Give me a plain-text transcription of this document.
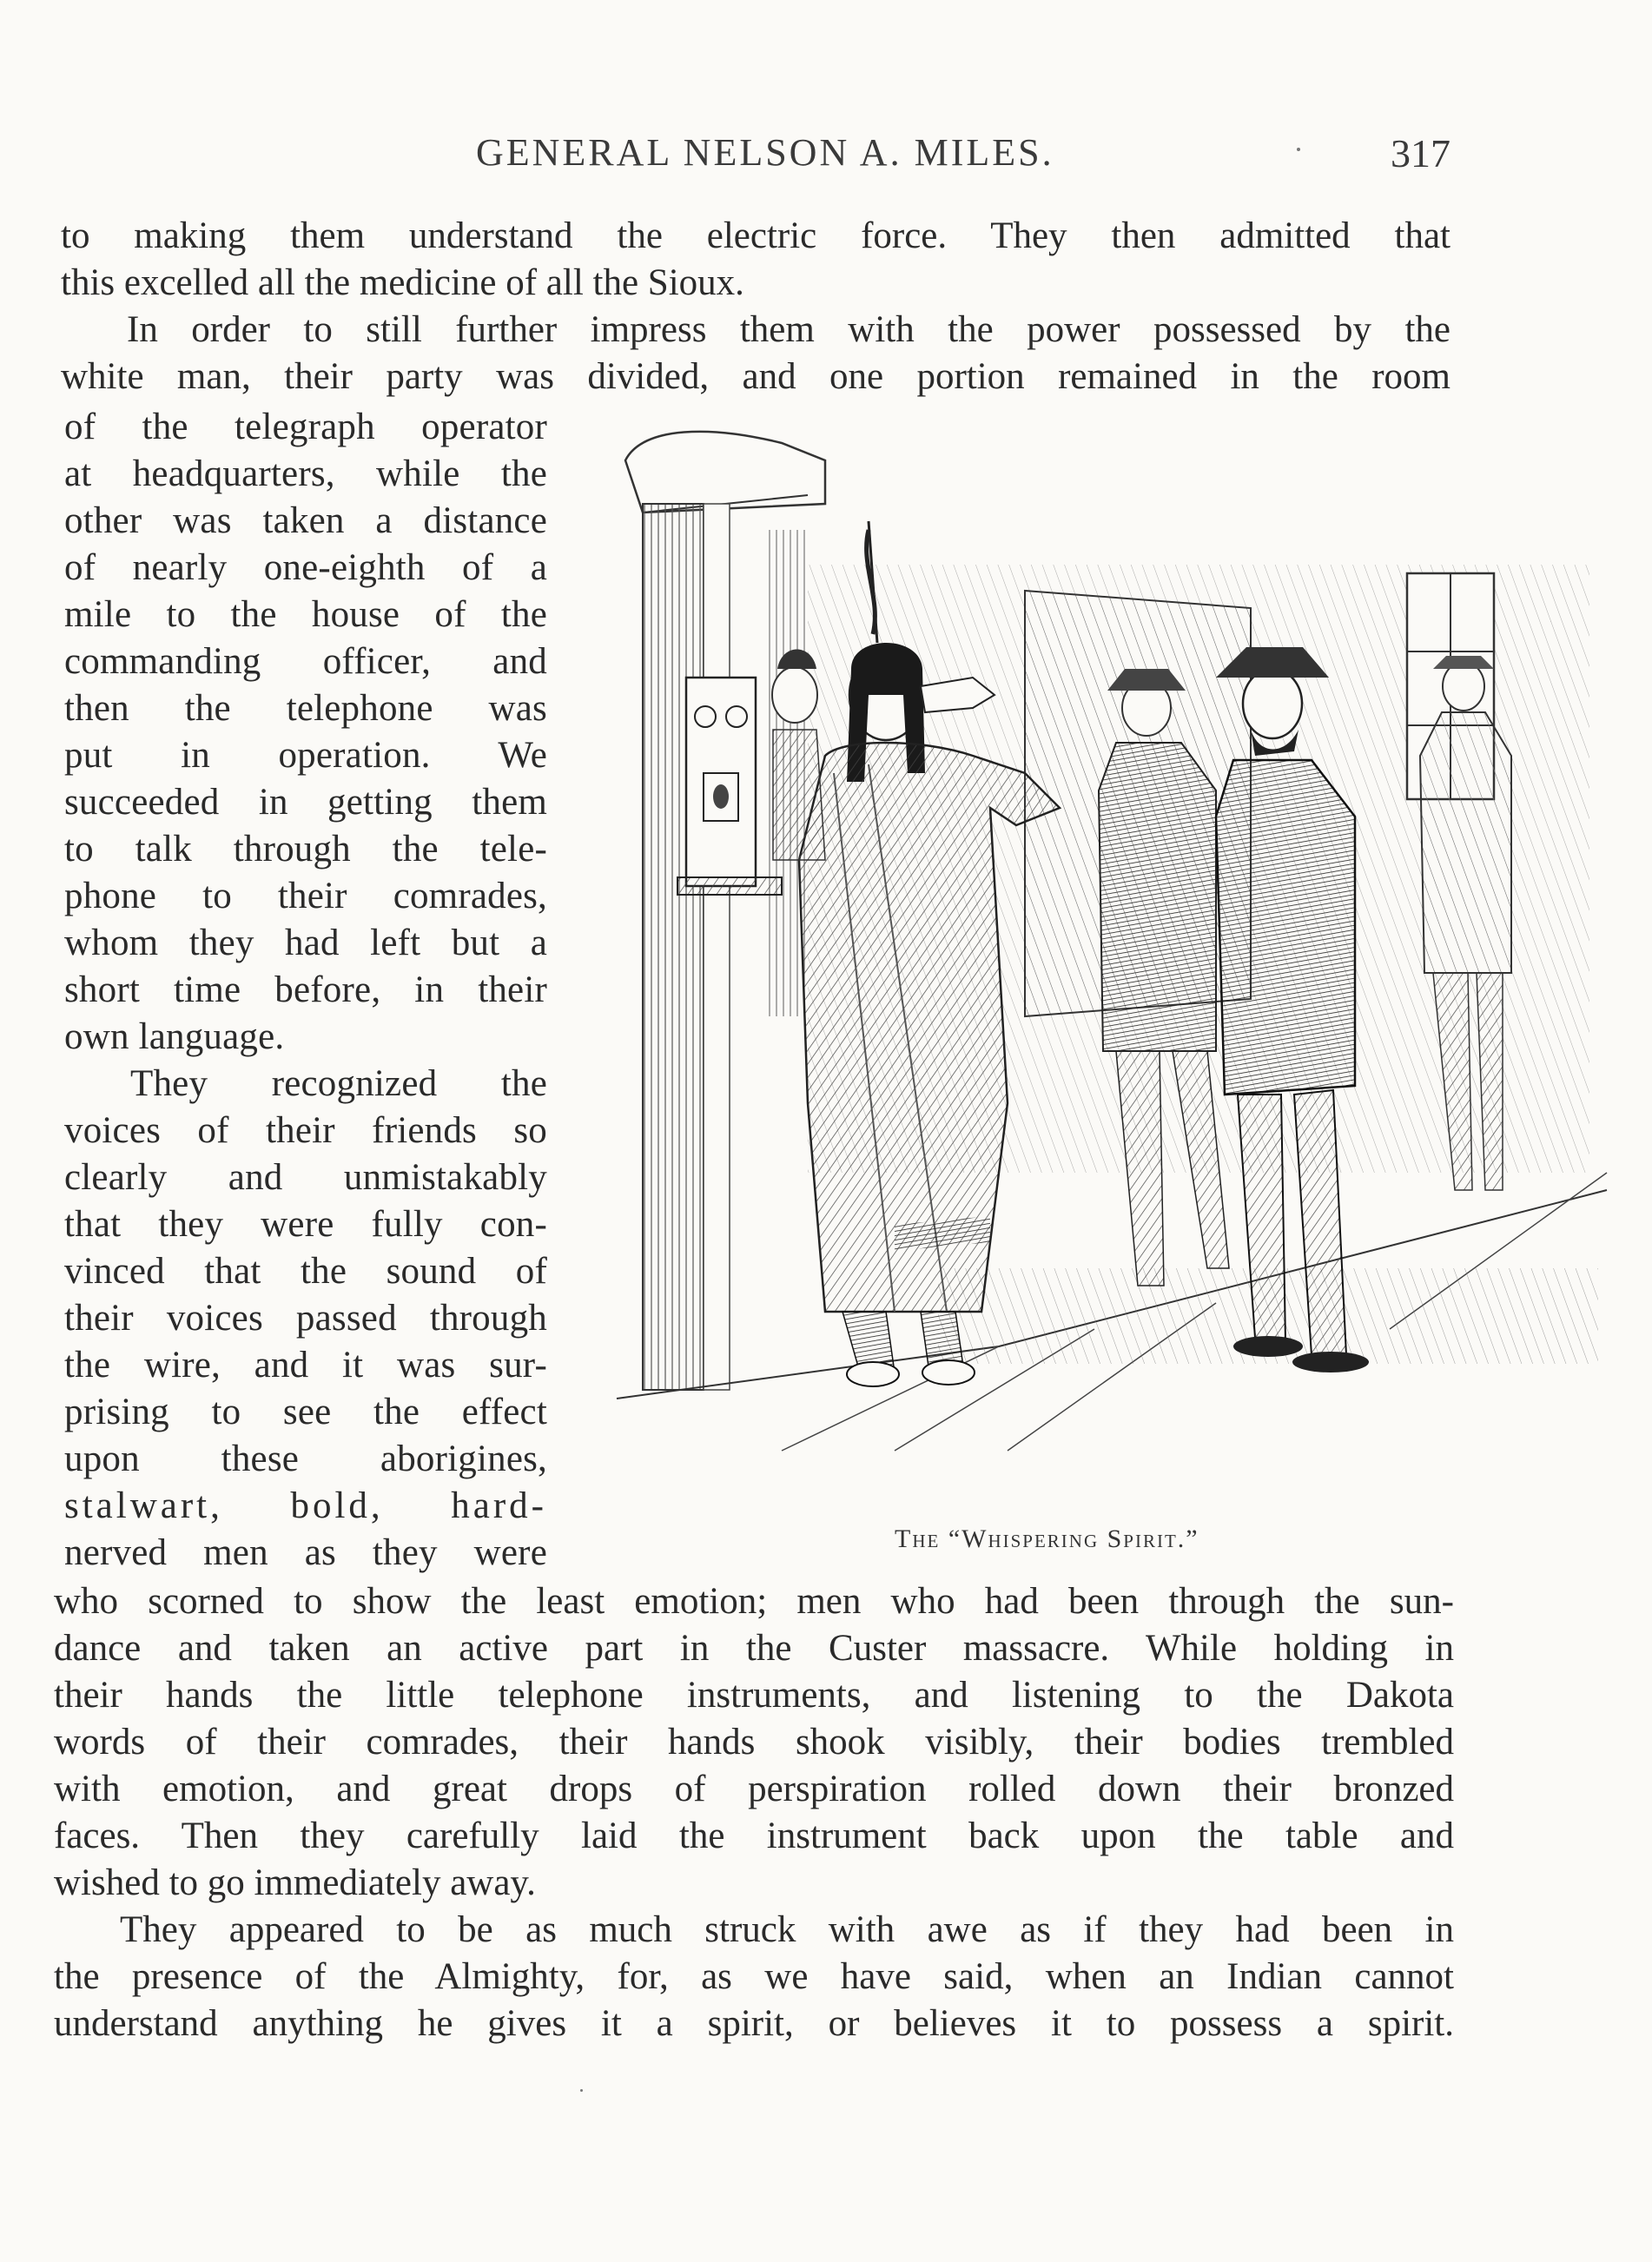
GENERAL NELSON A. MILES.	317
to making them understand the electric force. They then admitted that
this excelled all the medicine of all the Sioux.
In order to still further impress them with the power possessed by the
white man, their party was divided, and one portion remained in the room
of the telegraph operator
at headquarters, while the
other was taken a distance
of nearly one-eighth of a
mile to the house of the
commanding officer, and
then the telephone was
put in operation. We
succeeded in getting them
to talk through the tele-
phone to their comrades,
whom they had left but a
short time before, in their
own language.
They recognized the
voices of their friends so
clearly and unmistakably
that they were fully con-
vinced that the sound of
their voices passed through
the wire, and it was sur-
prising to see the effect
upon these aborigines,
stalwart, bold, hard-
nerved men as they were	The “Whispering Spirit.”
who scorned to show the least emotion; men who had been through the sun-
dance and taken an active part in the Custer massacre. While holding in
their hands the little telephone instruments, and listening to the Dakota
words of their comrades, their hands shook visibly, their bodies trembled
with emotion, and great drops of perspiration rolled down their bronzed
faces. Then they carefully laid the instrument back upon the table and
wished to go immediately away.
They appeared to be as much struck with awe as if they had been in
the presence of the Almighty, for, as we have said, when an Indian cannot
understand anything he gives it a spirit, or believes it to possess a spirit.
